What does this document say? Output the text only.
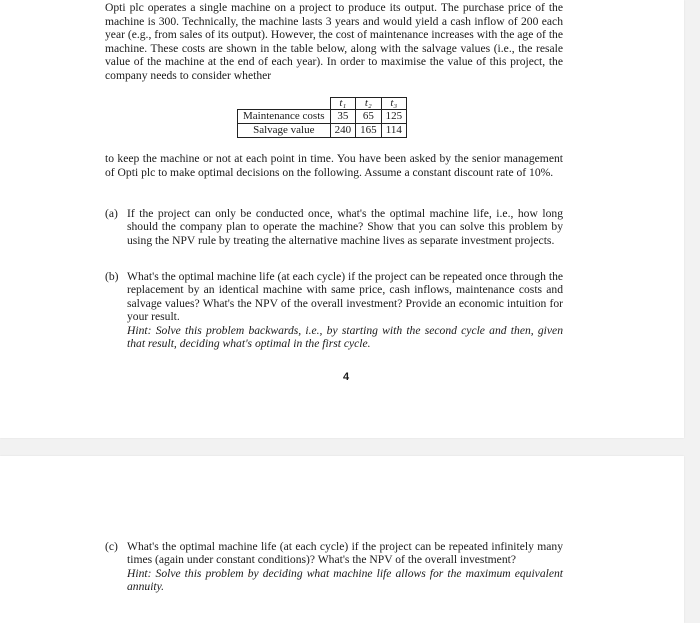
Opti plc operates a single machine on a project to produce its output. The purchase price of the machine is 300. Technically, the machine lasts 3 years and would yield a cash inflow of 200 each year (e.g., from sales of its output). However, the cost of maintenance increases with the age of the machine. These costs are shown in the table below, along with the salvage values (i.e., the resale value of the machine at the end of each year). In order to maximise the value of this project, the company needs to consider whether

	t₁	t₂	t₃
Maintenance costs	35	65	125
Salvage value	240	165	114

to keep the machine or not at each point in time. You have been asked by the senior management of Opti plc to make optimal decisions on the following. Assume a constant discount rate of 10%.

(a) If the project can only be conducted once, what's the optimal machine life, i.e., how long should the company plan to operate the machine? Show that you can solve this problem by using the NPV rule by treating the alternative machine lives as separate investment projects.
(b) What's the optimal machine life (at each cycle) if the project can be repeated once through the replacement by an identical machine with same price, cash inflows, maintenance costs and salvage values? What's the NPV of the overall investment? Provide an economic intuition for your result.
Hint: Solve this problem backwards, i.e., by starting with the second cycle and then, given that result, deciding what's optimal in the first cycle.
4
(c) What's the optimal machine life (at each cycle) if the project can be repeated infinitely many times (again under constant conditions)? What's the NPV of the overall investment?
Hint: Solve this problem by deciding what machine life allows for the maximum equivalent annuity.
